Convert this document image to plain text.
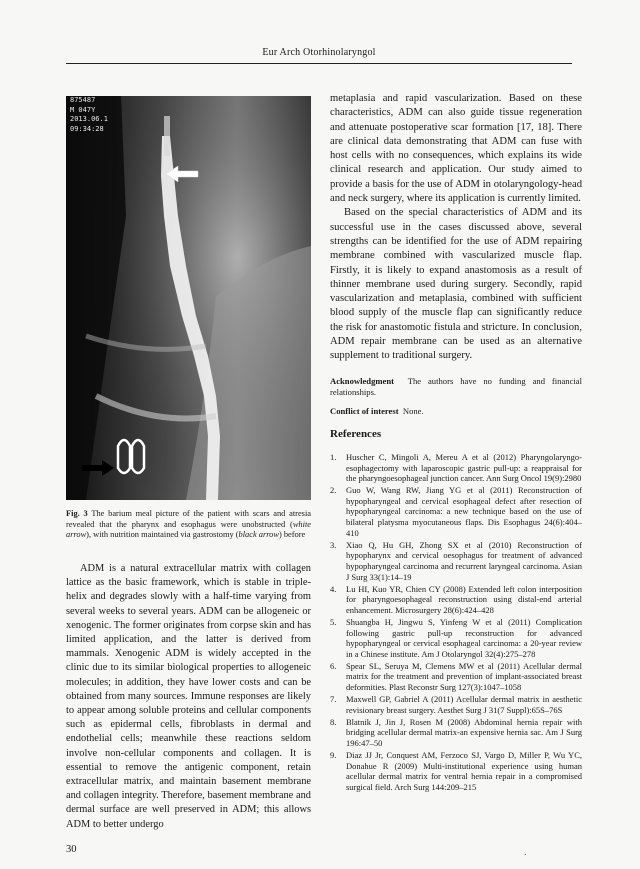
Eur Arch Otorhinolaryngol
875487
M 047Y
2013.06.1
09:34:28
Fig. 3 The barium meal picture of the patient with scars and atresia revealed that the pharynx and esophagus were unobstructed (white arrow), with nutrition maintained via gastrostomy (black arrow) before

ADM is a natural extracellular matrix with collagen lattice as the basic framework, which is stable in triple-helix and degrades slowly with a half-time varying from several weeks to several years. ADM can be allogeneic or xenogenic. The former originates from corpse skin and has limited application, and the latter is derived from mammals. Xenogenic ADM is widely accepted in the clinic due to its similar biological properties to allogeneic molecules; in addition, they have lower costs and can be obtained from many sources. Immune responses are likely to appear among soluble proteins and cellular components such as epidermal cells, fibroblasts in dermal and endothelial cells; meanwhile these reactions seldom involve non-cellular components and collagen. It is essential to remove the antigenic component, retain extracellular matrix, and maintain basement membrane and collagen integrity. Therefore, basement membrane and dermal surface are well preserved in ADM; this allows ADM to better undergo

metaplasia and rapid vascularization. Based on these characteristics, ADM can also guide tissue regeneration and attenuate postoperative scar formation [17, 18]. There are clinical data demonstrating that ADM can fuse with host cells with no consequences, which explains its wide clinical research and application. Our study aimed to provide a basis for the use of ADM in otolaryngology-head and neck surgery, where its application is currently limited.

Based on the special characteristics of ADM and its successful use in the cases discussed above, several strengths can be identified for the use of ADM repairing membrane combined with vascularized muscle flap. Firstly, it is likely to expand anastomosis as a result of thinner membrane used during surgery. Secondly, rapid vascularization and metaplasia, combined with sufficient blood supply of the muscle flap can significantly reduce the risk for anastomotic fistula and stricture. In conclusion, ADM repair membrane can be used as an alternative supplement to traditional surgery.

Acknowledgment The authors have no funding and financial relationships.
Conflict of interest None.
References
1. Huscher C, Mingoli A, Mereu A et al (2012) Pharyngolaryngo-esophagectomy with laparoscopic gastric pull-up: a reappraisal for the pharyngoesophageal junction cancer. Ann Surg Oncol 19(9):2980
2. Guo W, Wang RW, Jiang YG et al (2011) Reconstruction of hypopharyngeal and cervical esophageal defect after resection of hypopharyngeal carcinoma: a new technique based on the use of bilateral platysma myocutaneous flaps. Dis Esophagus 24(6):404–410
3. Xiao Q, Hu GH, Zhong SX et al (2010) Reconstruction of hypopharynx and cervical oesophagus for treatment of advanced hypopharyngeal carcinoma and recurrent laryngeal carcinoma. Asian J Surg 33(1):14–19
4. Lu HI, Kuo YR, Chien CY (2008) Extended left colon interposition for pharyngoesophageal reconstruction using distal-end arterial enhancement. Microsurgery 28(6):424–428
5. Shuangba H, Jingwu S, Yinfeng W et al (2011) Complication following gastric pull-up reconstruction for advanced hypopharyngeal or cervical esophageal carcinoma: a 20-year review in a Chinese institute. Am J Otolaryngol 32(4):275–278
6. Spear SL, Seruya M, Clemens MW et al (2011) Acellular dermal matrix for the treatment and prevention of implant-associated breast deformities. Plast Reconstr Surg 127(3):1047–1058
7. Maxwell GP, Gabriel A (2011) Acellular dermal matrix in aesthetic revisionary breast surgery. Aesthet Surg J 31(7 Suppl):65S–76S
8. Blatnik J, Jin J, Rosen M (2008) Abdominal hernia repair with bridging acellular dermal matrix-an expensive hernia sac. Am J Surg 196:47–50
9. Diaz JJ Jr, Conquest AM, Ferzoco SJ, Vargo D, Miller P, Wu YC, Donahue R (2009) Multi-institutional experience using human acellular dermal matrix for ventral hernia repair in a compromised surgical field. Arch Surg 144:209–215
30	.
